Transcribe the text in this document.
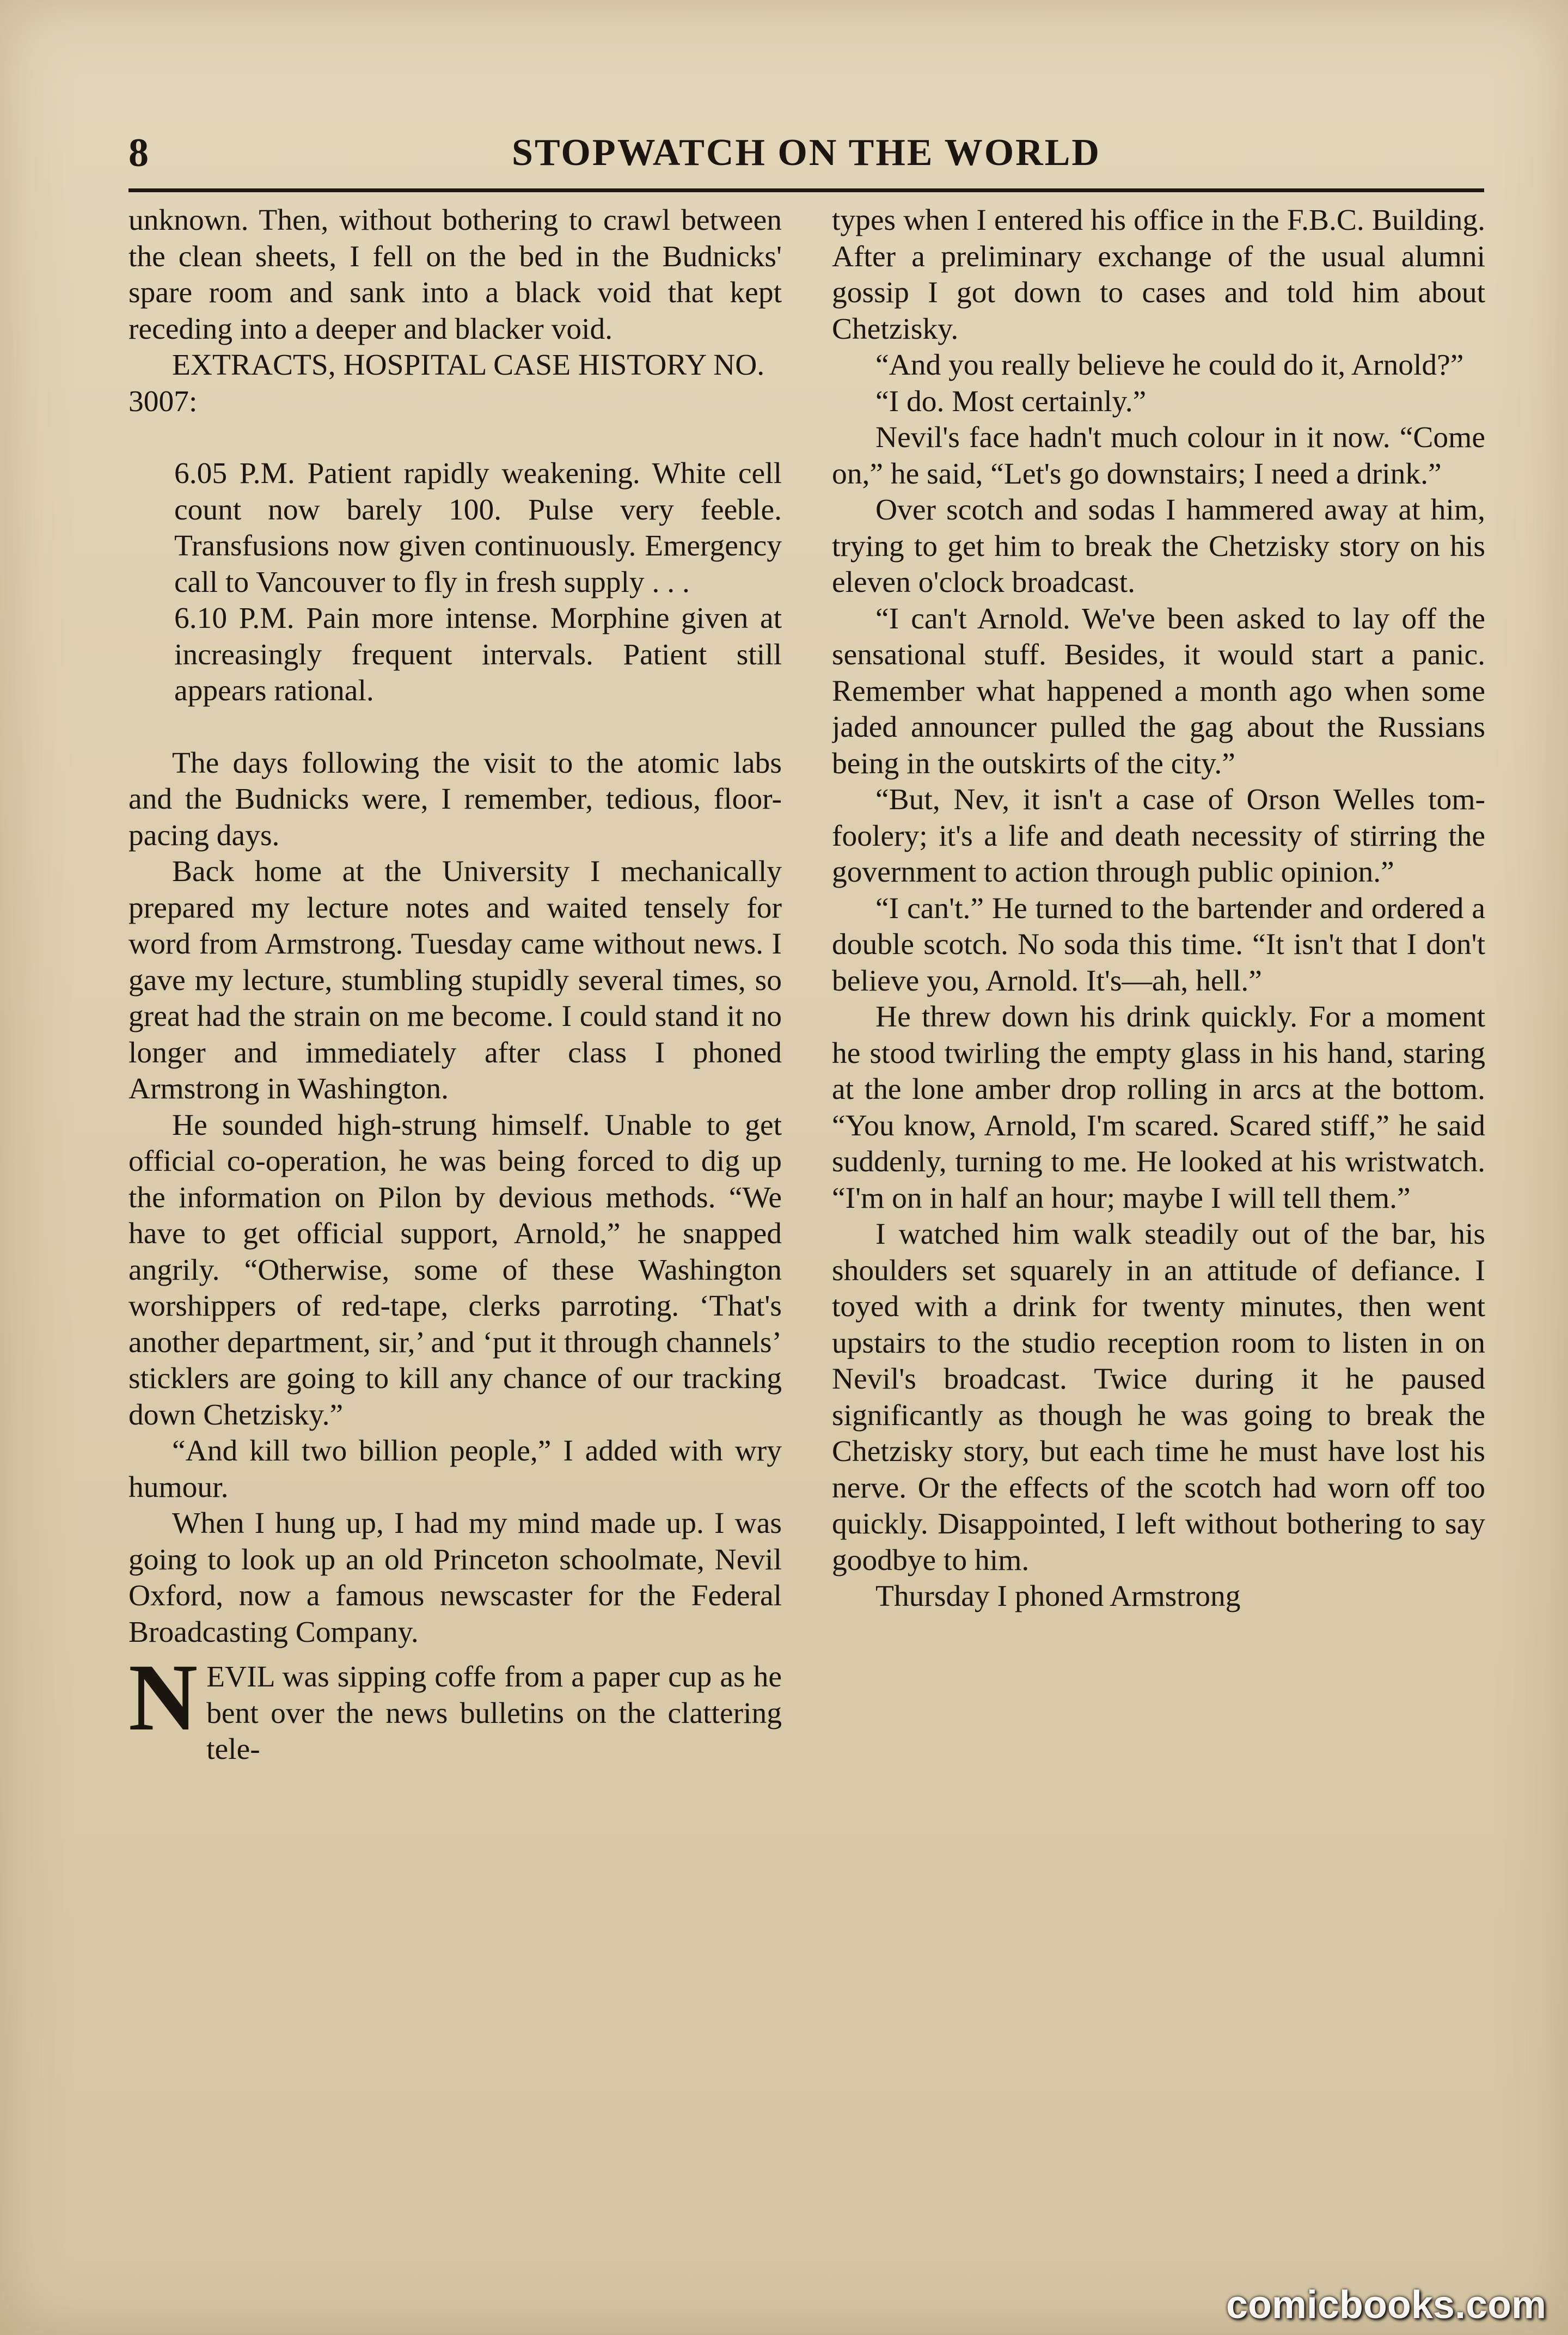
8	STOPWATCH ON THE WORLD

unknown. Then, without bothering to crawl between the clean sheets, I fell on the bed in the Budnicks' spare room and sank into a black void that kept receding into a deeper and blacker void.

EXTRACTS, HOSPITAL CASE HISTORY NO. 3007:

6.05 P.M. Patient rapidly weakening. White cell count now barely 100. Pulse very feeble. Transfusions now given continuously. Emergency call to Vancouver to fly in fresh supply . . .

6.10 P.M. Pain more intense. Morphine given at increasingly frequent intervals. Patient still appears rational.

The days following the visit to the atomic labs and the Budnicks were, I remember, tedious, floor-pacing days.

Back home at the University I mechanically prepared my lecture notes and waited tensely for word from Armstrong. Tuesday came without news. I gave my lecture, stumbling stupidly several times, so great had the strain on me become. I could stand it no longer and immediately after class I phoned Armstrong in Washington.

He sounded high-strung himself. Unable to get official co-operation, he was being forced to dig up the information on Pilon by devious methods. “We have to get official support, Arnold,” he snapped angrily. “Otherwise, some of these Washington worshippers of red-tape, clerks parroting. ‘That's another department, sir,’ and ‘put it through channels’ sticklers are going to kill any chance of our tracking down Chetzisky.”

“And kill two billion people,” I added with wry humour.

When I hung up, I had my mind made up. I was going to look up an old Princeton schoolmate, Nevil Oxford, now a famous newscaster for the Federal Broadcasting Company.

NEVIL was sipping coffe from a paper cup as he bent over the news bulletins on the clattering tele-

types when I entered his office in the F.B.C. Building. After a preliminary exchange of the usual alumni gossip I got down to cases and told him about Chetzisky.

“And you really believe he could do it, Arnold?”

“I do. Most certainly.”

Nevil's face hadn't much colour in it now. “Come on,” he said, “Let's go downstairs; I need a drink.”

Over scotch and sodas I hammered away at him, trying to get him to break the Chetzisky story on his eleven o'clock broadcast.

“I can't Arnold. We've been asked to lay off the sensational stuff. Besides, it would start a panic. Remember what happened a month ago when some jaded announcer pulled the gag about the Russians being in the outskirts of the city.”

“But, Nev, it isn't a case of Orson Welles tom-foolery; it's a life and death necessity of stirring the government to action through public opinion.”

“I can't.” He turned to the bartender and ordered a double scotch. No soda this time. “It isn't that I don't believe you, Arnold. It's—ah, hell.”

He threw down his drink quickly. For a moment he stood twirling the empty glass in his hand, staring at the lone amber drop rolling in arcs at the bottom. “You know, Arnold, I'm scared. Scared stiff,” he said suddenly, turning to me. He looked at his wristwatch. “I'm on in half an hour; maybe I will tell them.”

I watched him walk steadily out of the bar, his shoulders set squarely in an attitude of defiance. I toyed with a drink for twenty minutes, then went upstairs to the studio reception room to listen in on Nevil's broadcast. Twice during it he paused significantly as though he was going to break the Chetzisky story, but each time he must have lost his nerve. Or the effects of the scotch had worn off too quickly. Disappointed, I left without bothering to say goodbye to him.

Thursday I phoned Armstrong

comicbooks.com
